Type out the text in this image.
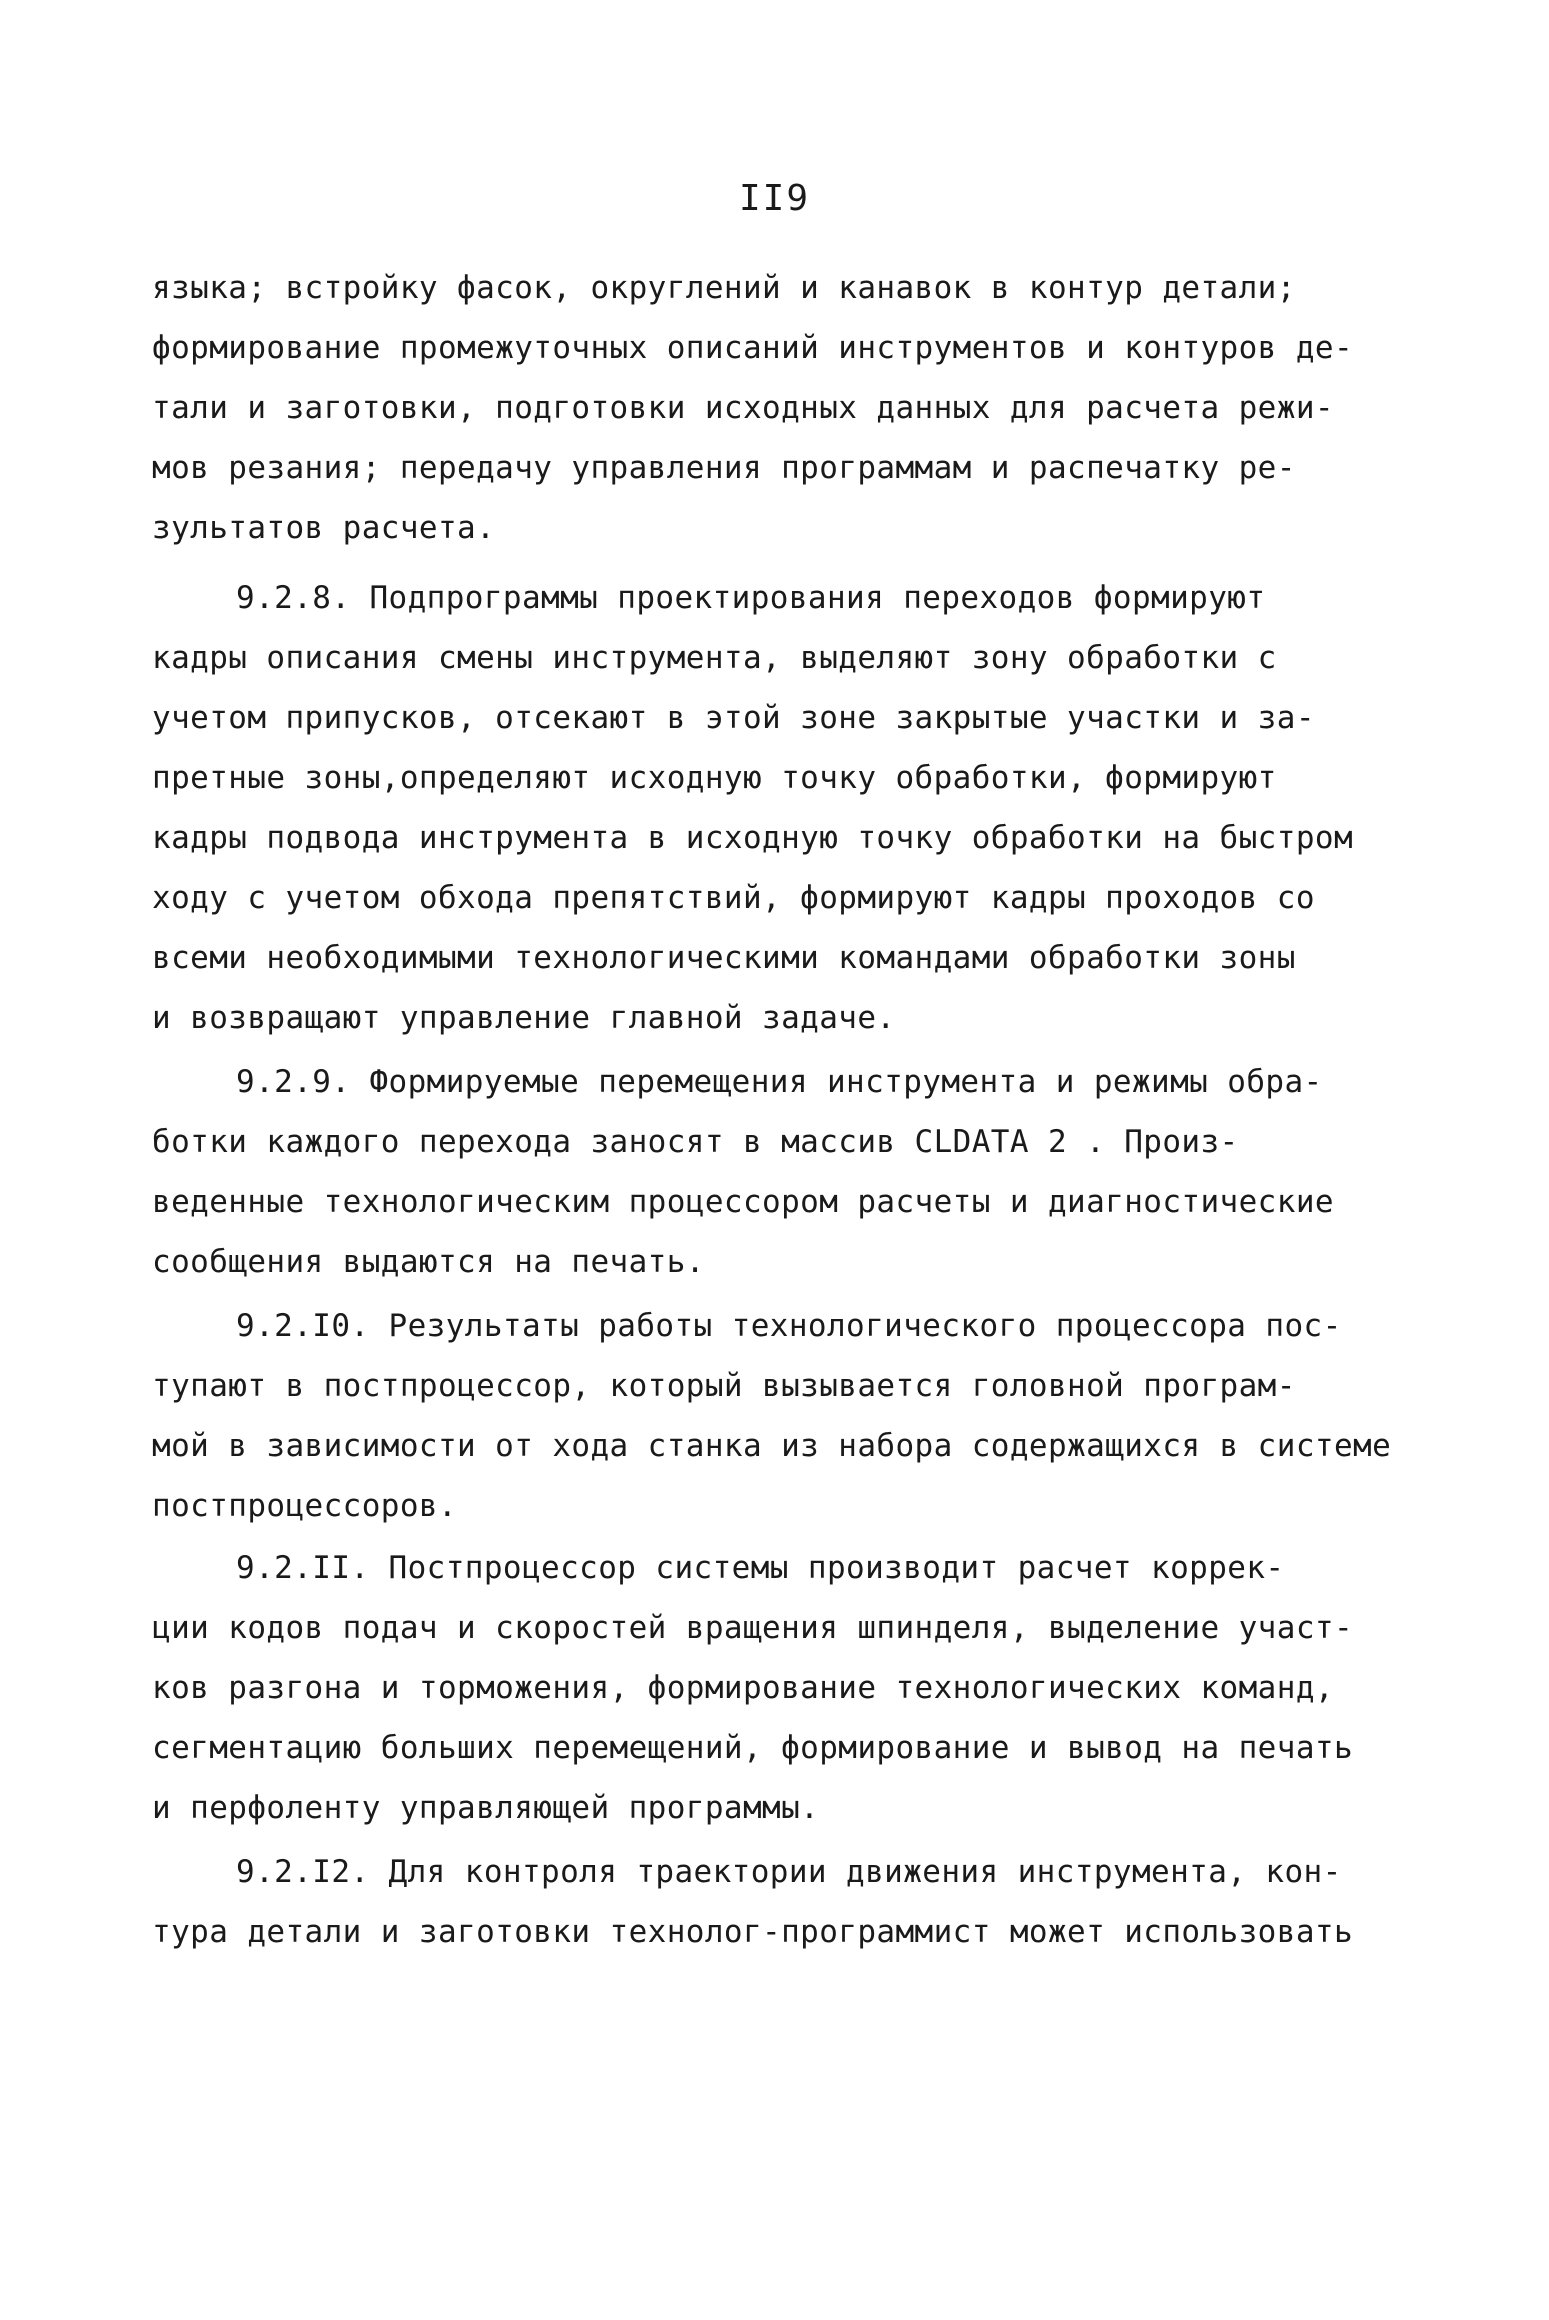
II9
языка; встройку фасок, округлений и канавок в контур детали;
формирование промежуточных описаний инструментов и контуров де-
тали и заготовки, подготовки исходных данных для расчета режи-
мов резания; передачу управления программам и распечатку ре-
зультатов расчета.
9.2.8. Подпрограммы проектирования переходов формируют
кадры описания смены инструмента, выделяют зону обработки с
учетом припусков, отсекают в этой зоне закрытые участки и за-
претные зоны,определяют исходную точку обработки, формируют
кадры подвода инструмента в исходную точку обработки на быстром
ходу с учетом обхода препятствий, формируют кадры проходов со
всеми необходимыми технологическими командами обработки зоны
и возвращают управление главной задаче.
9.2.9. Формируемые перемещения инструмента и режимы обра-
ботки каждого перехода заносят в массив CLDATA 2 . Произ-
веденные технологическим процессором расчеты и диагностические
сообщения выдаются на печать.
9.2.I0. Результаты работы технологического процессора пос-
тупают в постпроцессор, который вызывается головной програм-
мой в зависимости от хода станка из набора содержащихся в системе
постпроцессоров.
9.2.II. Постпроцессор системы производит расчет коррек-
ции кодов подач и скоростей вращения шпинделя, выделение участ-
ков разгона и торможения, формирование технологических команд,
сегментацию больших перемещений, формирование и вывод на печать
и перфоленту управляющей программы.
9.2.I2. Для контроля траектории движения инструмента, кон-
тура детали и заготовки технолог-программист может использовать
